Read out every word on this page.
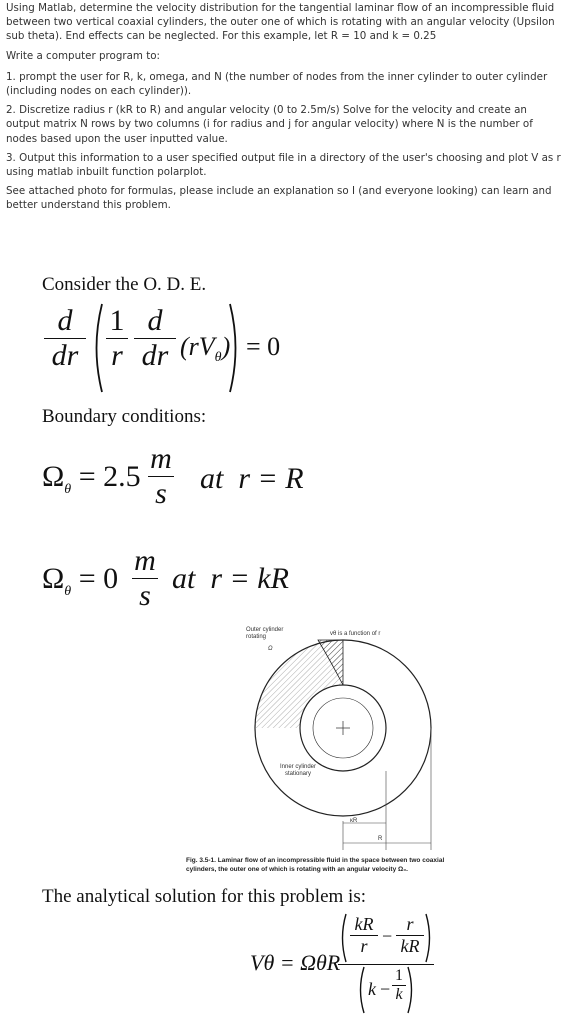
Using Matlab, determine the velocity distribution for the tangential laminar flow of an incompressible fluid between two vertical coaxial cylinders, the outer one of which is rotating with an angular velocity (Upsilon sub theta). End effects can be neglected. For this example, let R = 10 and k = 0.25

Write a computer program to:

1. prompt the user for R, k, omega, and N (the number of nodes from the inner cylinder to outer cylinder (including nodes on each cylinder)).

2. Discretize radius r (kR to R) and angular velocity (0 to 2.5m/s) Solve for the velocity and create an output matrix N rows by two columns (i for radius and j for angular velocity) where N is the number of nodes based upon the user inputted value.

3. Output this information to a user specified output file in a directory of the user's choosing and plot V as r using matlab inbuilt function polarplot.

See attached photo for formulas, please include an explanation so I (and everyone looking) can learn and better understand this problem.

Consider the O. D. E.
d
dr
1
r
d
dr $(rV_\theta) = 0$
Boundary conditions:
$\Omega_\theta = 2.5$
m
s at  r = R
$\Omega_\theta = 0$
m
s
at  r = kR
Outer cylinder
rotating
Ω
vθ is a function of r
Inner cylinder
stationary
κR
R
Fig. 3.5-1. Laminar flow of an incompressible fluid in the space between two coaxial
cylinders, the outer one of which is rotating with an angular velocity Ω₀.
The analytical solution for this problem is:
Vθ = ΩθR
kR
r −
r
kR
k −
1
k
